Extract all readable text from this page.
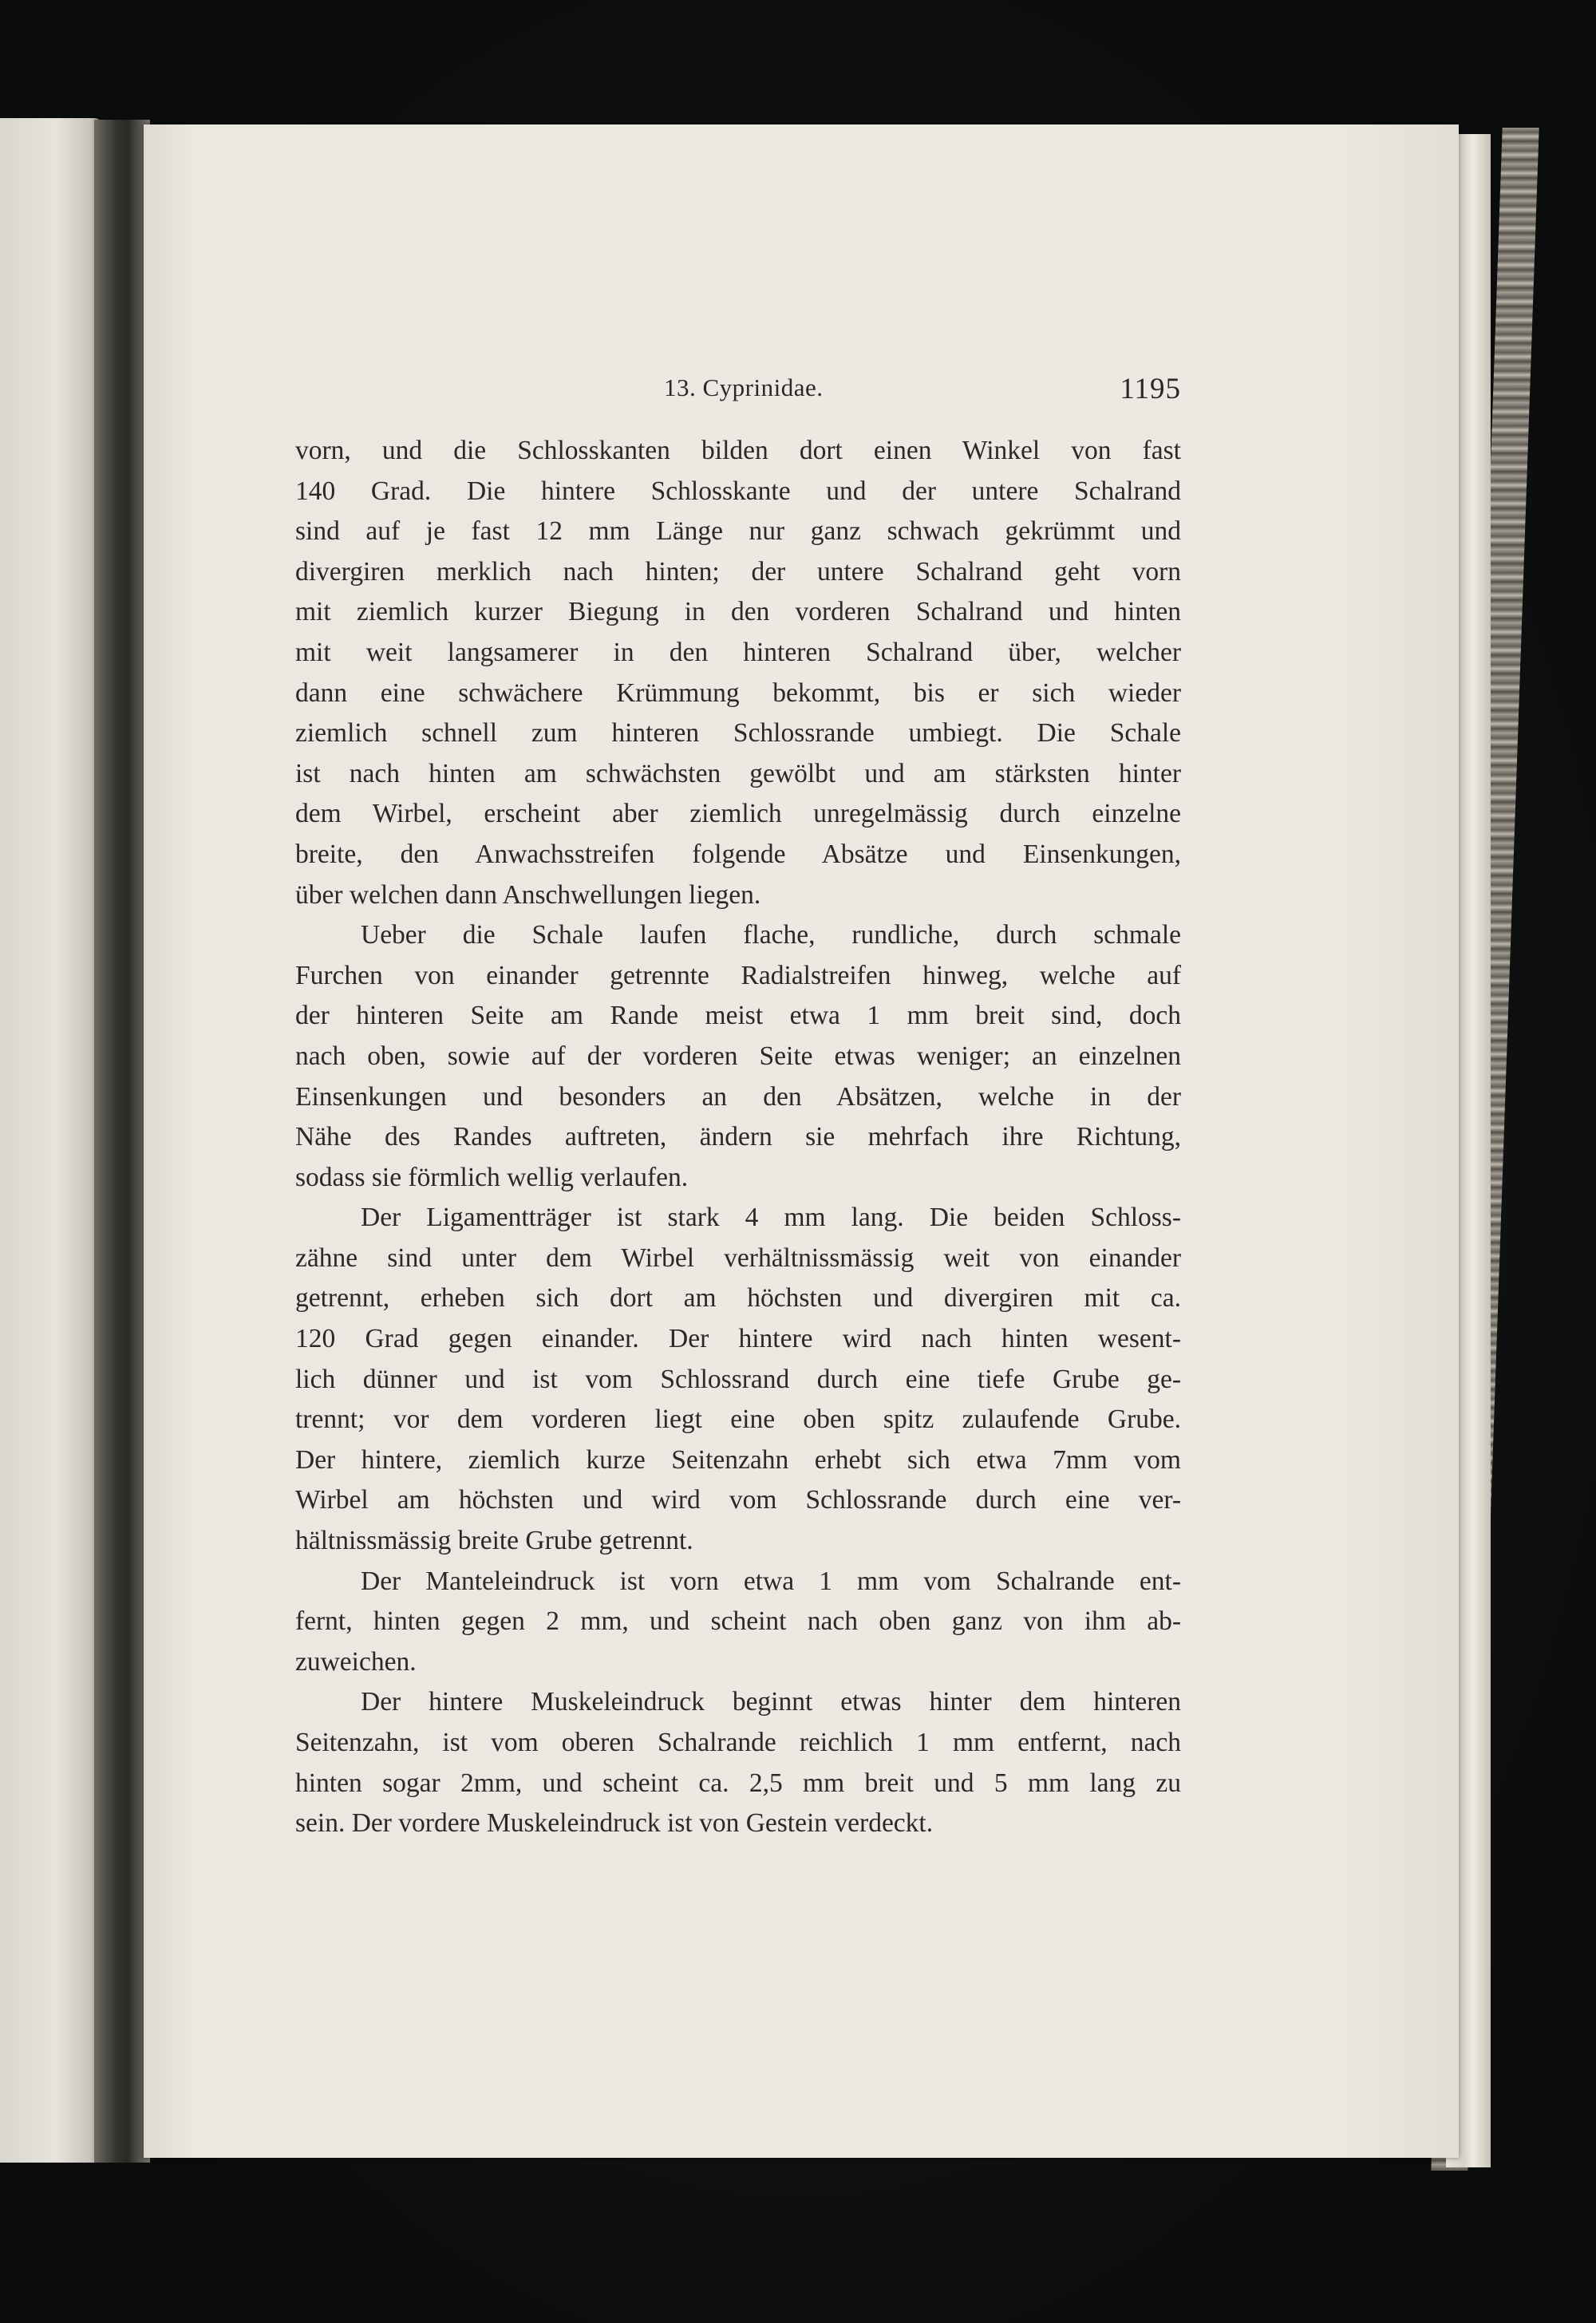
13. Cyprinidae.	1195
vorn, und die Schlosskanten bilden dort einen Winkel von fast
140 Grad. Die hintere Schlosskante und der untere Schalrand
sind auf je fast 12 mm Länge nur ganz schwach gekrümmt und
divergiren merklich nach hinten; der untere Schalrand geht vorn
mit ziemlich kurzer Biegung in den vorderen Schalrand und hinten
mit weit langsamerer in den hinteren Schalrand über, welcher
dann eine schwächere Krümmung bekommt, bis er sich wieder
ziemlich schnell zum hinteren Schlossrande umbiegt. Die Schale
ist nach hinten am schwächsten gewölbt und am stärksten hinter
dem Wirbel, erscheint aber ziemlich unregelmässig durch einzelne
breite, den Anwachsstreifen folgende Absätze und Einsenkungen,
über welchen dann Anschwellungen liegen.
Ueber die Schale laufen flache, rundliche, durch schmale
Furchen von einander getrennte Radialstreifen hinweg, welche auf
der hinteren Seite am Rande meist etwa 1 mm breit sind, doch
nach oben, sowie auf der vorderen Seite etwas weniger; an einzelnen
Einsenkungen und besonders an den Absätzen, welche in der
Nähe des Randes auftreten, ändern sie mehrfach ihre Richtung,
sodass sie förmlich wellig verlaufen.
Der Ligamentträger ist stark 4 mm lang. Die beiden Schloss-
zähne sind unter dem Wirbel verhältnissmässig weit von einander
getrennt, erheben sich dort am höchsten und divergiren mit ca.
120 Grad gegen einander. Der hintere wird nach hinten wesent-
lich dünner und ist vom Schlossrand durch eine tiefe Grube ge-
trennt; vor dem vorderen liegt eine oben spitz zulaufende Grube.
Der hintere, ziemlich kurze Seitenzahn erhebt sich etwa 7mm vom
Wirbel am höchsten und wird vom Schlossrande durch eine ver-
hältnissmässig breite Grube getrennt.
Der Manteleindruck ist vorn etwa 1 mm vom Schalrande ent-
fernt, hinten gegen 2 mm, und scheint nach oben ganz von ihm ab-
zuweichen.
Der hintere Muskeleindruck beginnt etwas hinter dem hinteren
Seitenzahn, ist vom oberen Schalrande reichlich 1 mm entfernt, nach
hinten sogar 2mm, und scheint ca. 2,5 mm breit und 5 mm lang zu
sein. Der vordere Muskeleindruck ist von Gestein verdeckt.
